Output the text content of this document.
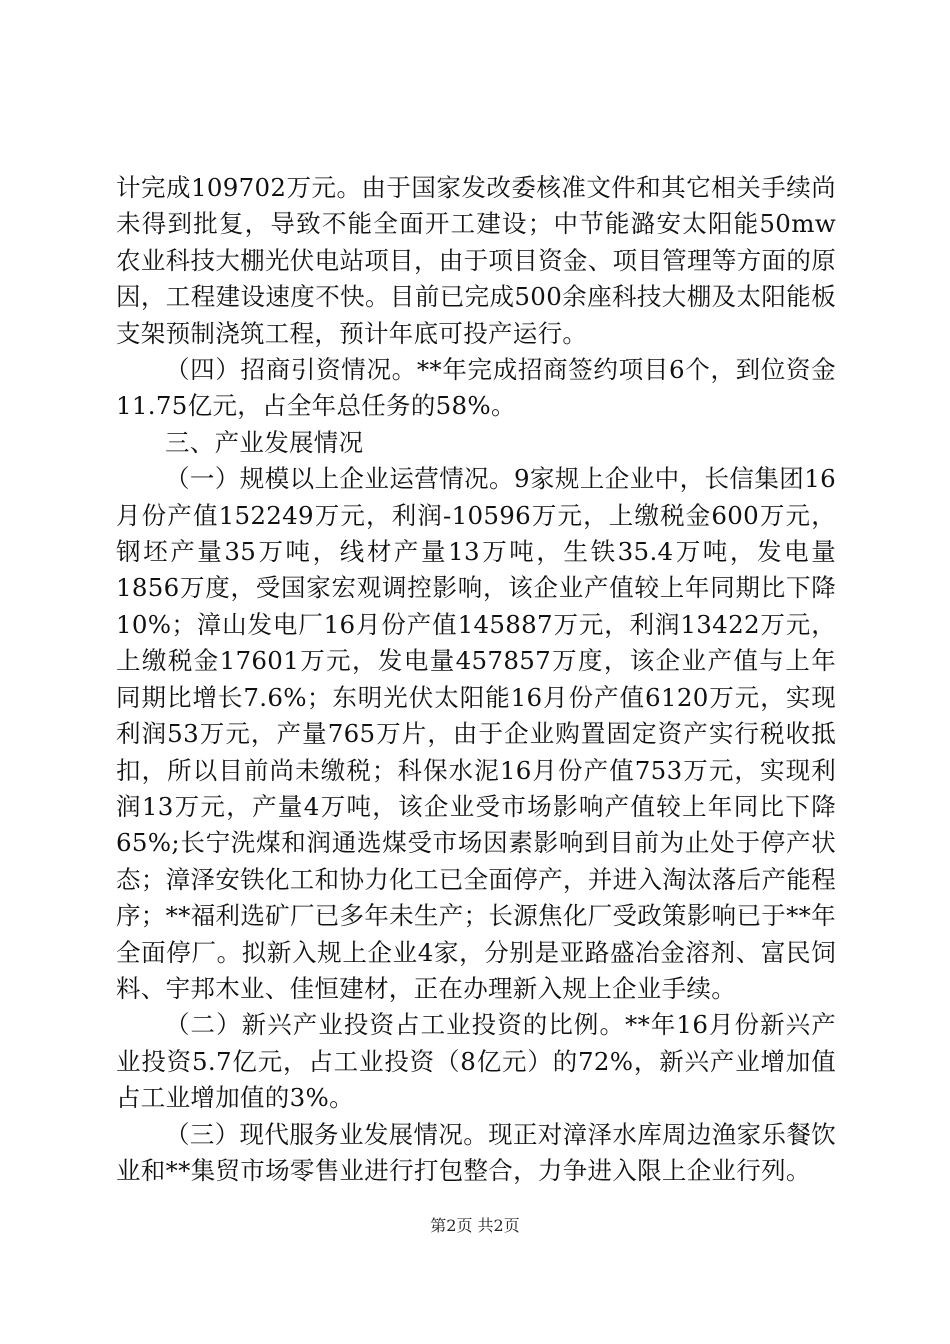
计完成109702万元。由于国家发改委核准文件和其它相关手续尚未得到批复，导致不能全面开工建设；中节能潞安太阳能50mw农业科技大棚光伏电站项目，由于项目资金、项目管理等方面的原因，工程建设速度不快。目前已完成500余座科技大棚及太阳能板支架预制浇筑工程，预计年底可投产运行。

（四）招商引资情况。**年完成招商签约项目6个，到位资金11.75亿元，占全年总任务的58%。

三、产业发展情况

（一）规模以上企业运营情况。9家规上企业中，长信集团16月份产值152249万元，利润-10596万元，上缴税金600万元，钢坯产量35万吨，线材产量13万吨，生铁35.4万吨，发电量1856万度，受国家宏观调控影响，该企业产值较上年同期比下降10%；漳山发电厂16月份产值145887万元，利润13422万元，上缴税金17601万元，发电量457857万度，该企业产值与上年同期比增长7.6%；东明光伏太阳能16月份产值6120万元，实现利润53万元，产量765万片，由于企业购置固定资产实行税收抵扣，所以目前尚未缴税；科保水泥16月份产值753万元，实现利润13万元，产量4万吨，该企业受市场影响产值较上年同比下降65%;长宁洗煤和润通选煤受市场因素影响到目前为止处于停产状态；漳泽安铁化工和协力化工已全面停产，并进入淘汰落后产能程序；**福利选矿厂已多年未生产；长源焦化厂受政策影响已于**年全面停厂。拟新入规上企业4家，分别是亚路盛冶金溶剂、富民饲料、宇邦木业、佳恒建材，正在办理新入规上企业手续。

（二）新兴产业投资占工业投资的比例。**年16月份新兴产业投资5.7亿元，占工业投资（8亿元）的72%，新兴产业增加值占工业增加值的3%。

（三）现代服务业发展情况。现正对漳泽水库周边渔家乐餐饮业和**集贸市场零售业进行打包整合，力争进入限上企业行列。

第2页 共2页
